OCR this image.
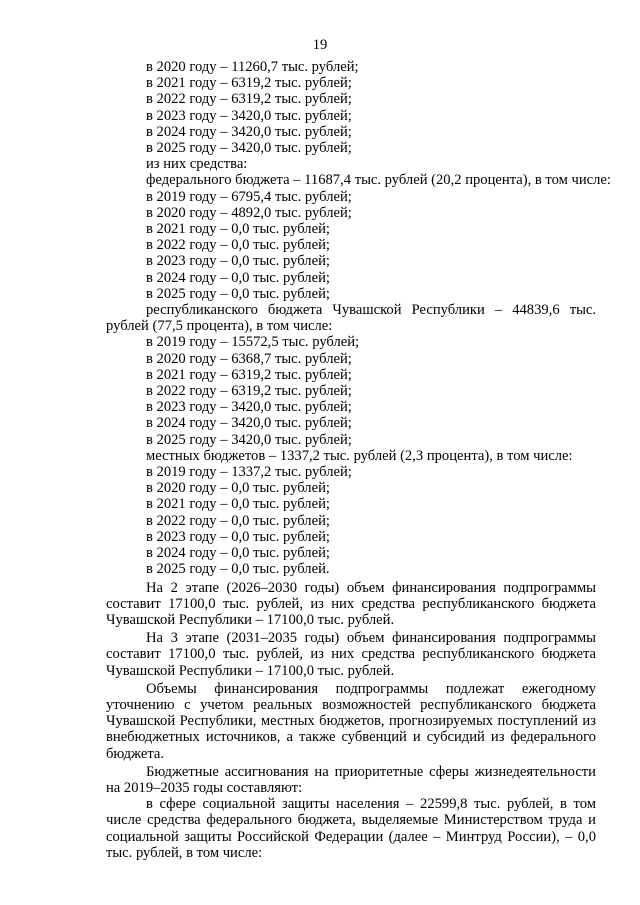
19
в 2020 году – 11260,7 тыс. рублей;
в 2021 году – 6319,2 тыс. рублей;
в 2022 году – 6319,2 тыс. рублей;
в 2023 году – 3420,0 тыс. рублей;
в 2024 году – 3420,0 тыс. рублей;
в 2025 году – 3420,0 тыс. рублей;
из них средства:
федерального бюджета – 11687,4 тыс. рублей (20,2 процента), в том числе:
в 2019 году – 6795,4 тыс. рублей;
в 2020 году – 4892,0 тыс. рублей;
в 2021 году – 0,0 тыс. рублей;
в 2022 году – 0,0 тыс. рублей;
в 2023 году – 0,0 тыс. рублей;
в 2024 году – 0,0 тыс. рублей;
в 2025 году – 0,0 тыс. рублей;
республиканского бюджета Чувашской Республики – 44839,6 тыс. рублей (77,5 процента), в том числе:
в 2019 году – 15572,5 тыс. рублей;
в 2020 году – 6368,7 тыс. рублей;
в 2021 году – 6319,2 тыс. рублей;
в 2022 году – 6319,2 тыс. рублей;
в 2023 году – 3420,0 тыс. рублей;
в 2024 году – 3420,0 тыс. рублей;
в 2025 году – 3420,0 тыс. рублей;
местных бюджетов – 1337,2 тыс. рублей (2,3 процента), в том числе:
в 2019 году – 1337,2 тыс. рублей;
в 2020 году – 0,0 тыс. рублей;
в 2021 году – 0,0 тыс. рублей;
в 2022 году – 0,0 тыс. рублей;
в 2023 году – 0,0 тыс. рублей;
в 2024 году – 0,0 тыс. рублей;
в 2025 году – 0,0 тыс. рублей.
На 2 этапе (2026–2030 годы) объем финансирования подпрограммы составит 17100,0 тыс. рублей, из них средства республиканского бюджета Чувашской Республики – 17100,0 тыс. рублей.
На 3 этапе (2031–2035 годы) объем финансирования подпрограммы составит 17100,0 тыс. рублей, из них средства республиканского бюджета Чувашской Республики – 17100,0 тыс. рублей.
Объемы финансирования подпрограммы подлежат ежегодному уточнению с учетом реальных возможностей республиканского бюджета Чувашской Республики, местных бюджетов, прогнозируемых поступлений из внебюджетных источников, а также субвенций и субсидий из федерального бюджета.
Бюджетные ассигнования на приоритетные сферы жизнедеятельности на 2019–2035 годы составляют:
в сфере социальной защиты населения – 22599,8 тыс. рублей, в том числе средства федерального бюджета, выделяемые Министерством труда и социальной защиты Российской Федерации (далее – Минтруд России), – 0,0 тыс. рублей, в том числе:
